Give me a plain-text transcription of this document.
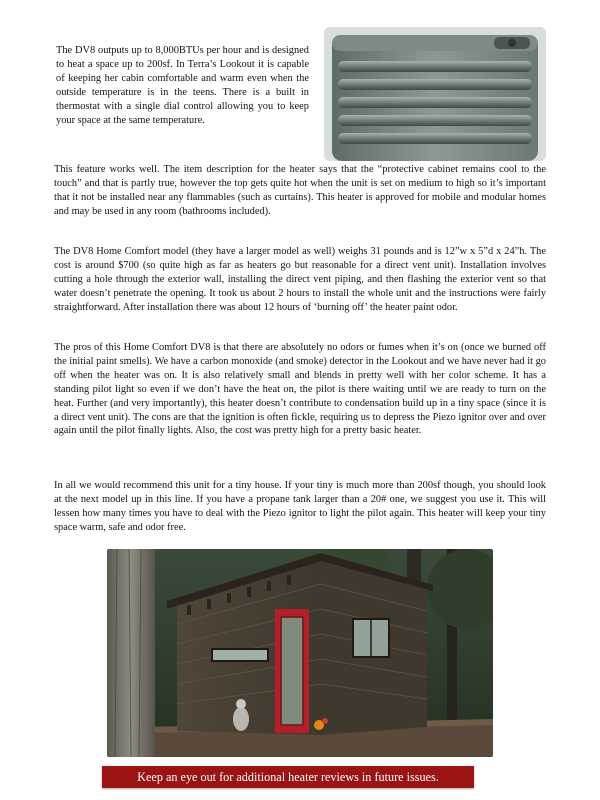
The DV8 outputs up to 8,000BTUs per hour and is designed to heat a space up to 200sf. In Terra’s Lookout it is capable of keeping her cabin comfortable and warm even when the outside temperature is in the teens. There is a built in thermostat with a single dial control allowing you to keep your space at the same temperature.

This feature works well. The item description for the heater says that the “protective cabinet remains cool to the touch” and that is partly true, however the top gets quite hot when the unit is set on medium to high so it’s important that it not be installed near any flammables (such as curtains). This heater is approved for mobile and modular homes and may be used in any room (bathrooms included).

The DV8 Home Comfort model (they have a larger model as well) weighs 31 pounds and is 12”w x 5”d x 24”h. The cost is around $700 (so quite high as far as heaters go but reasonable for a direct vent unit). Installation involves cutting a hole through the exterior wall, installing the direct vent piping, and then flashing the exterior vent so that water doesn’t penetrate the opening. It took us about 2 hours to install the whole unit and the instructions were fairly straightforward. After installation there was about 12 hours of ‘burning off’ the heater paint odor.

The pros of this Home Comfort DV8 is that there are absolutely no odors or fumes when it’s on (once we burned off the initial paint smells). We have a carbon monoxide (and smoke) detector in the Lookout and we have never had it go off when the heater was on. It is also relatively small and blends in pretty well with her color scheme. It has a standing pilot light so even if we don’t have the heat on, the pilot is there waiting until we are ready to turn on the heat. Further (and very importantly), this heater doesn’t contribute to condensation build up in a tiny space (since it is a direct vent unit). The cons are that the ignition is often fickle, requiring us to depress the Piezo ignitor over and over again until the pilot finally lights. Also, the cost was pretty high for a pretty basic heater.

In all we would recommend this unit for a tiny house. If your tiny is much more than 200sf though, you should look at the next model up in this line. If you have a propane tank larger than a 20# one, we suggest you use it. This will lessen how many times you have to deal with the Piezo ignitor to light the pilot again. This heater will keep your tiny space warm, safe and odor free.

Keep an eye out for additional heater reviews in future issues.
